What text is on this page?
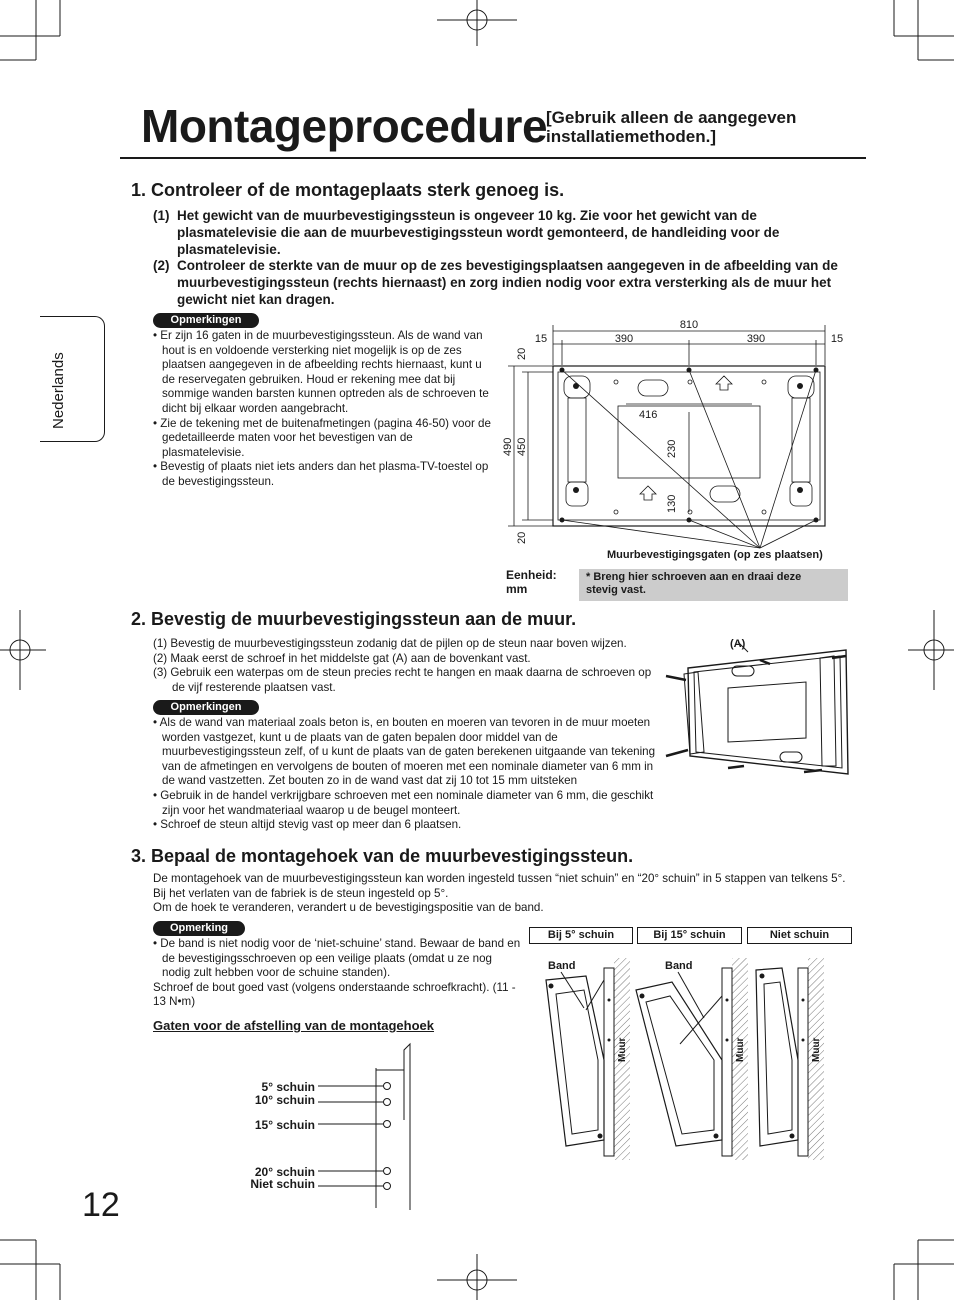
Montageprocedure
[Gebruik alleen de aangegeven
installatiemethoden.]
Nederlands
1. Controleer of de montageplaats sterk genoeg is.
(1) Het gewicht van de muurbevestigingssteun is ongeveer 10 kg. Zie voor het gewicht van de plasmatelevisie die aan de muurbevestigingssteun wordt gemonteerd, de handleiding voor de plasmatelevisie.
(2) Controleer de sterkte van de muur op de zes bevestigingsplaatsen aangegeven in de afbeelding van de muurbevestigingssteun (rechts hiernaast) en zorg indien nodig voor extra versterking als de muur het gewicht niet kan dragen.
Opmerkingen

• Er zijn 16 gaten in de muurbevestigingssteun. Als de wand van hout is en voldoende versterking niet mogelijk is op de zes plaatsen aangegeven in de afbeelding rechts hiernaast, kunt u de reservegaten gebruiken. Houd er rekening mee dat bij sommige wanden barsten kunnen optreden als de schroeven te dicht bij elkaar worden aangebracht.

• Zie de tekening met de buitenafmetingen (pagina 46-50) voor de gedetailleerde maten voor het bevestigen van de plasmatelevisie.

• Bevestig of plaats niet iets anders dan het plasma-TV-toestel op de bevestigingssteun.

810
15	390	390	15
416
20
490 450
20
230
130
Muurbevestigingsgaten (op zes plaatsen)
Eenheid:
mm
* Breng hier schroeven aan en draai deze
stevig vast.
2. Bevestig de muurbevestigingssteun aan de muur.

(1) Bevestig de muurbevestigingssteun zodanig dat de pijlen op de steun naar boven wijzen.

(2) Maak eerst de schroef in het middelste gat (A) aan de bovenkant vast.

(3) Gebruik een waterpas om de steun precies recht te hangen en maak daarna de schroeven op de vijf resterende plaatsen vast.

Opmerkingen

• Als de wand van materiaal zoals beton is, en bouten en moeren van tevoren in de muur moeten worden vastgezet, kunt u de plaats van de gaten bepalen door middel van de muurbevestigingssteun zelf, of u kunt de plaats van de gaten berekenen uitgaande van tekening van de afmetingen en vervolgens de bouten of moeren met een nominale diameter van 6 mm in de wand vastzetten. Zet bouten zo in de wand vast dat zij 10 tot 15 mm uitsteken

• Gebruik in de handel verkrijgbare schroeven met een nominale diameter van 6 mm, die geschikt zijn voor het wandmateriaal waarop u de beugel monteert.

• Schroef de steun altijd stevig vast op meer dan 6 plaatsen.

(A)
3. Bepaal de montagehoek van de muurbevestigingssteun.
De montagehoek van de muurbevestigingssteun kan worden ingesteld tussen “niet schuin” en “20° schuin” in 5 stappen van telkens 5°. Bij het verlaten van de fabriek is de steun ingesteld op 5°.
Om de hoek te veranderen, verandert u de bevestigingspositie van de band.
Opmerking

• De band is niet nodig voor de ‘niet-schuine’ stand. Bewaar de band en de bevestigingsschroeven op een veilige plaats (omdat u ze nog nodig zult hebben voor de schuine standen).

Schroef de bout goed vast (volgens onderstaande schroefkracht). (11 - 13 N•m)

Gaten voor de afstelling van de montagehoek
5° schuin
10° schuin
15° schuin
20° schuin
Niet schuin
Bij 5° schuin	Bij 15° schuin	Niet schuin
Band	Band
Muur	Muur	Muur
12
